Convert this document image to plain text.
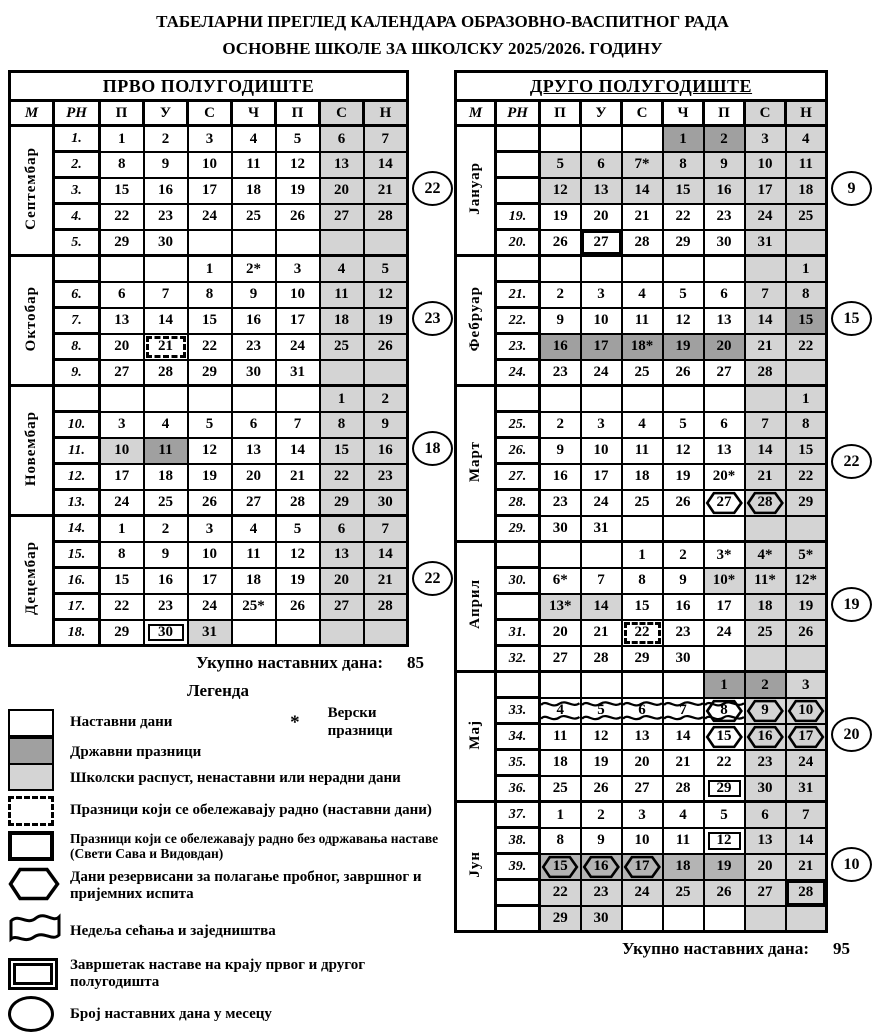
ТАБЕЛАРНИ ПРЕГЛЕД КАЛЕНДАРА ОБРАЗОВНО-ВАСПИТНОГ РАДА
ОСНОВНЕ ШКОЛЕ ЗА ШКОЛСКУ 2025/2026. ГОДИНУ
ПРВО ПОЛУГОДИШТЕ								
М	РН	П	У	С	Ч	П	С	Н
Септембар	1.	1	2	3	4	5	6	7
	2.	8	9	10	11	12	13	14
	3.	15	16	17	18	19	20	21
	4.	22	23	24	25	26	27	28
	5.	29	30					
Октобар				1	2*	3	4	5
	6.	6	7	8	9	10	11	12
	7.	13	14	15	16	17	18	19
	8.	20	21	22	23	24	25	26
	9.	27	28	29	30	31		
Новембар							1	2
	10.	3	4	5	6	7	8	9
	11.	10	11	12	13	14	15	16
	12.	17	18	19	20	21	22	23
	13.	24	25	26	27	28	29	30
Децембар	14.	1	2	3	4	5	6	7
	15.	8	9	10	11	12	13	14
	16.	15	16	17	18	19	20	21
	17.	22	23	24	25*	26	27	28
	18.	29	30	31				
22
23
18
22
Укупно наставних дана: 85
Легенда
Наставни дани	* Верски празници
Државни празници
Школски распуст, ненаставни или нерадни дани
Празници који се обележавају радно (наставни дани)
Празници који се обележавају радно без одржавања наставе (Свети Сава и Видовдан)
Дани резервисани за полагање пробног, завршног и пријемних испита
Недеља сећања и заједништва
Завршетак наставе на крају првог и другог полугодишта
Број наставних дана у месецу
ДРУГО ПОЛУГОДИШТЕ								
М	РН	П	У	С	Ч	П	С	Н
Јануар					1	2	3	4
		5	6	7*	8	9	10	11
		12	13	14	15	16	17	18
	19.	19	20	21	22	23	24	25
	20.	26	27	28	29	30	31	
Фебруар								1
	21.	2	3	4	5	6	7	8
	22.	9	10	11	12	13	14	15
	23.	16	17	18*	19	20	21	22
	24.	23	24	25	26	27	28	
Март								1
	25.	2	3	4	5	6	7	8
	26.	9	10	11	12	13	14	15
	27.	16	17	18	19	20*	21	22
	28.	23	24	25	26	27	28	29
	29.	30	31					
Април				1	2	3*	4*	5*
	30.	6*	7	8	9	10*	11*	12*
		13*	14	15	16	17	18	19
	31.	20	21	22	23	24	25	26
	32.	27	28	29	30			
Мај						1	2	3
	33.	4	5	6	7	8	9	10

	34.	11	12	13	14	15	16	17

	35.	18	19	20	21	22	23	24
	36.	25	26	27	28	29	30	31
Јун	37.	1	2	3	4	5	6	7
	38.	8	9	10	11	12	13	14
	39.	15	16	17	18	19	20	21
		22	23	24	25	26	27	28

		29	30					
9
15
22
19
20
10
Укупно наставних дана: 95
